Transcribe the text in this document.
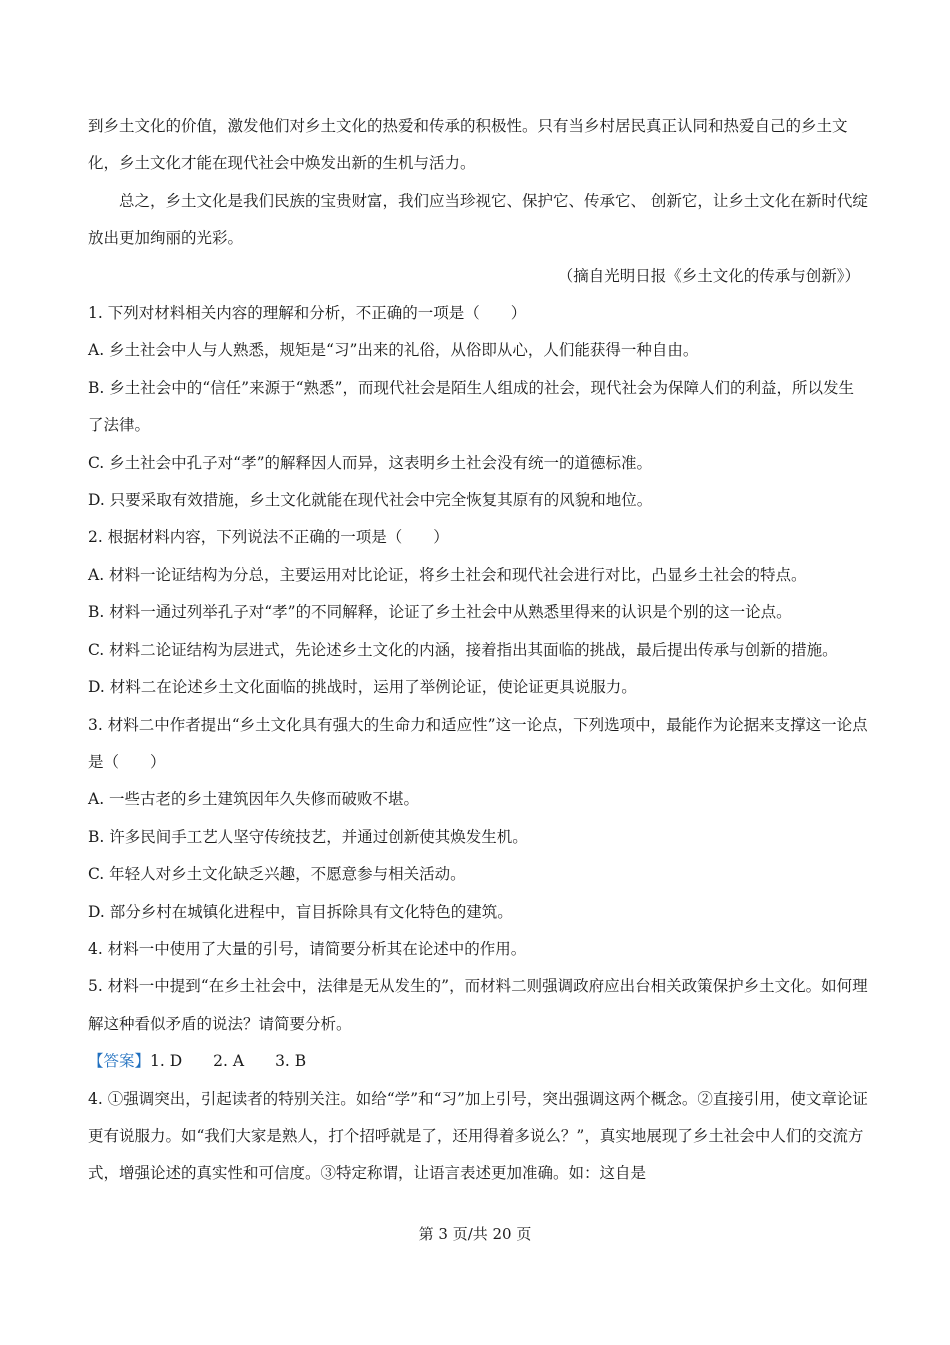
到乡土文化的价值，激发他们对乡土文化的热爱和传承的积极性。只有当乡村居民真正认同和热爱自己的乡土文化，乡土文化才能在现代社会中焕发出新的生机与活力。

总之，乡土文化是我们民族的宝贵财富，我们应当珍视它、保护它、传承它、 创新它，让乡土文化在新时代绽放出更加绚丽的光彩。

（摘自光明日报《乡土文化的传承与创新》）

1. 下列对材料相关内容的理解和分析，不正确的一项是（　　）

A. 乡土社会中人与人熟悉，规矩是“习”出来的礼俗，从俗即从心，人们能获得一种自由。

B. 乡土社会中的“信任”来源于“熟悉”，而现代社会是陌生人组成的社会，现代社会为保障人们的利益，所以发生了法律。

C. 乡土社会中孔子对“孝”的解释因人而异，这表明乡土社会没有统一的道德标准。

D. 只要采取有效措施，乡土文化就能在现代社会中完全恢复其原有的风貌和地位。

2. 根据材料内容，下列说法不正确的一项是（　　）

A. 材料一论证结构为分总，主要运用对比论证，将乡土社会和现代社会进行对比，凸显乡土社会的特点。

B. 材料一通过列举孔子对“孝”的不同解释，论证了乡土社会中从熟悉里得来的认识是个别的这一论点。

C. 材料二论证结构为层进式，先论述乡土文化的内涵，接着指出其面临的挑战，最后提出传承与创新的措施。

D. 材料二在论述乡土文化面临的挑战时，运用了举例论证，使论证更具说服力。

3. 材料二中作者提出“乡土文化具有强大的生命力和适应性”这一论点，下列选项中，最能作为论据来支撑这一论点是（　　）

A. 一些古老的乡土建筑因年久失修而破败不堪。

B. 许多民间手工艺人坚守传统技艺，并通过创新使其焕发生机。

C. 年轻人对乡土文化缺乏兴趣，不愿意参与相关活动。

D. 部分乡村在城镇化进程中，盲目拆除具有文化特色的建筑。

4. 材料一中使用了大量的引号，请简要分析其在论述中的作用。

5. 材料一中提到“在乡土社会中，法律是无从发生的”，而材料二则强调政府应出台相关政策保护乡土文化。如何理解这种看似矛盾的说法？请简要分析。

【答案】1. D　　2. A　　3. B

4. ①强调突出，引起读者的特别关注。如给“学”和“习”加上引号，突出强调这两个概念。②直接引用，使文章论证更有说服力。如“我们大家是熟人，打个招呼就是了，还用得着多说么？”，真实地展现了乡土社会中人们的交流方式，增强论述的真实性和可信度。③特定称谓，让语言表述更加准确。如：这自是

第 3 页/共 20 页
